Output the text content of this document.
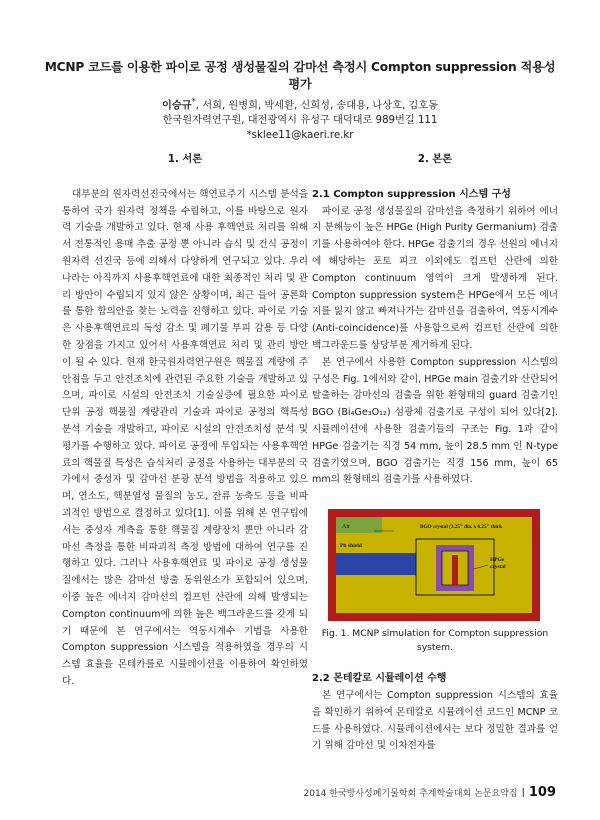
MCNP 코드를 이용한 파이로 공정 생성물질의 감마선 측정시 Compton suppression 적용성 평가
이승규*, 서희, 원병희, 박세환, 신희성, 송대용, 나상호, 김호동
한국원자력연구원, 대전광역시 유성구 대덕대로 989번길 111
*sklee11@kaeri.re.kr
1. 서론

대부분의 원자력선진국에서는 핵연료주기 시스템 분석을 통하여 국가 원자력 정책을 수립하고, 이를 바탕으로 원자력 기술을 개발하고 있다. 현재 사용 후핵연료 처리를 위해서 전통적인 용매 추출 공정 뿐 아니라 습식 및 건식 공정이 원자력 선진국 등에 의해서 다양하게 연구되고 있다. 우리나라는 아직까지 사용후핵연료에 대한 최종적인 처리 및 관리 방안이 수립되지 있지 않은 상황이며, 최근 들어 공론화를 통한 합의안을 찾는 노력을 진행하고 있다. 파이로 기술은 사용후핵연료의 독성 감소 및 폐기물 부피 감용 등 다양한 장점을 가지고 있어서 사용후핵연료 처리 및 관리 방안이 될 수 있다. 현재 한국원자력연구원은 핵물질 계량에 주안점을 두고 안전조치에 관련된 주요한 기술을 개발하고 있으며, 파이로 시설의 안전조치 기술실증에 필요한 파이로 단위 공정 핵물질 계량관리 기술과 파이로 공정의 핵특성 분석 기술을 개발하고, 파이로 시설의 안전조치성 분석 및 평가를 수행하고 있다. 파이로 공정에 투입되는 사용후핵연료의 핵물질 특성은 습식처리 공정을 사용하는 대부분의 국가에서 중성자 및 감마선 분광 분석 방법을 적용하고 있으며, 연소도, 핵분열성 물질의 농도, 잔류 농축도 등을 비파괴적인 방법으로 결정하고 있다[1]. 이를 위해 본 연구팀에서는 중성자 계측을 통한 핵물질 계량장치 뿐만 아니라 감마선 측정을 통한 비파괴적 측정 방법에 대하여 연구를 진행하고 있다. 그러나 사용후핵연료 및 파이로 공정 생성물질에서는 많은 감마선 방출 동위원소가 포함되어 있으며, 이중 높은 에너지 감마선의 컴프턴 산란에 의해 발생되는 Compton continuum에 의한 높은 백그라운드를 갖게 되기 때문에 본 연구에서는 역동시계수 기법을 사용한 Compton suppression 시스템을 적용하였을 경우의 시스템 효율을 몬테카를로 시뮬레이션을 이용하여 확인하였다.

2. 본론
2.1 Compton suppression 시스템 구성

파이로 공정 생성물질의 감마선을 측정하기 위하여 에너지 분해능이 높은 HPGe (High Purity Germanium) 검출기를 사용하여야 한다. HPGe 검출기의 경우 선원의 에너지에 해당하는 포토 피크 이외에도 컴프턴 산란에 의한 Compton continuum 영역이 크게 발생하게 된다. Compton suppression system은 HPGe에서 모든 에너지를 잃지 않고 빠져나가는 감마선을 검출하여, 역동시계수(Anti-coincidence)를 사용함으로써 컴프턴 산란에 의한 백그라운드를 상당부분 제거하게 된다.

본 연구에서 사용한 Compton suppression 시스템의 구성은 Fig. 1에서와 같이, HPGe main 검출기와 산란되어 탈출하는 감마선의 검출을 위한 환형태의 guard 검출기인 BGO (Bi₄Ge₃O₁₂) 섬광체 검출기로 구성이 되어 있다[2]. 시뮬레이션에 사용한 검출기들의 구조는 Fig. 1과 같이 HPGe 검출기는 직경 54 mm, 높이 28.5 mm 인 N-type 검출기였으며, BGO 검출기는 직경 156 mm, 높이 65 mm의 환형태의 검출기를 사용하였다.

Air	BGO crystal (3.25" dia. x 6.25" thick
Pb shield
HPGe
crystal
Fig. 1. MCNP simulation for Compton suppression system.
2.2 몬테칼로 시뮬레이션 수행

본 연구에서는 Compton suppression 시스템의 효율을 확인하기 위하여 몬테칼로 시뮬레이션 코드인 MCNP 코드를 사용하였다. 시뮬레이션에서는 보다 정밀한 결과를 얻기 위해 감마선 및 이차전자를

2014 한국방사성폐기물학회 추계학술대회 논문요약집 | 109
